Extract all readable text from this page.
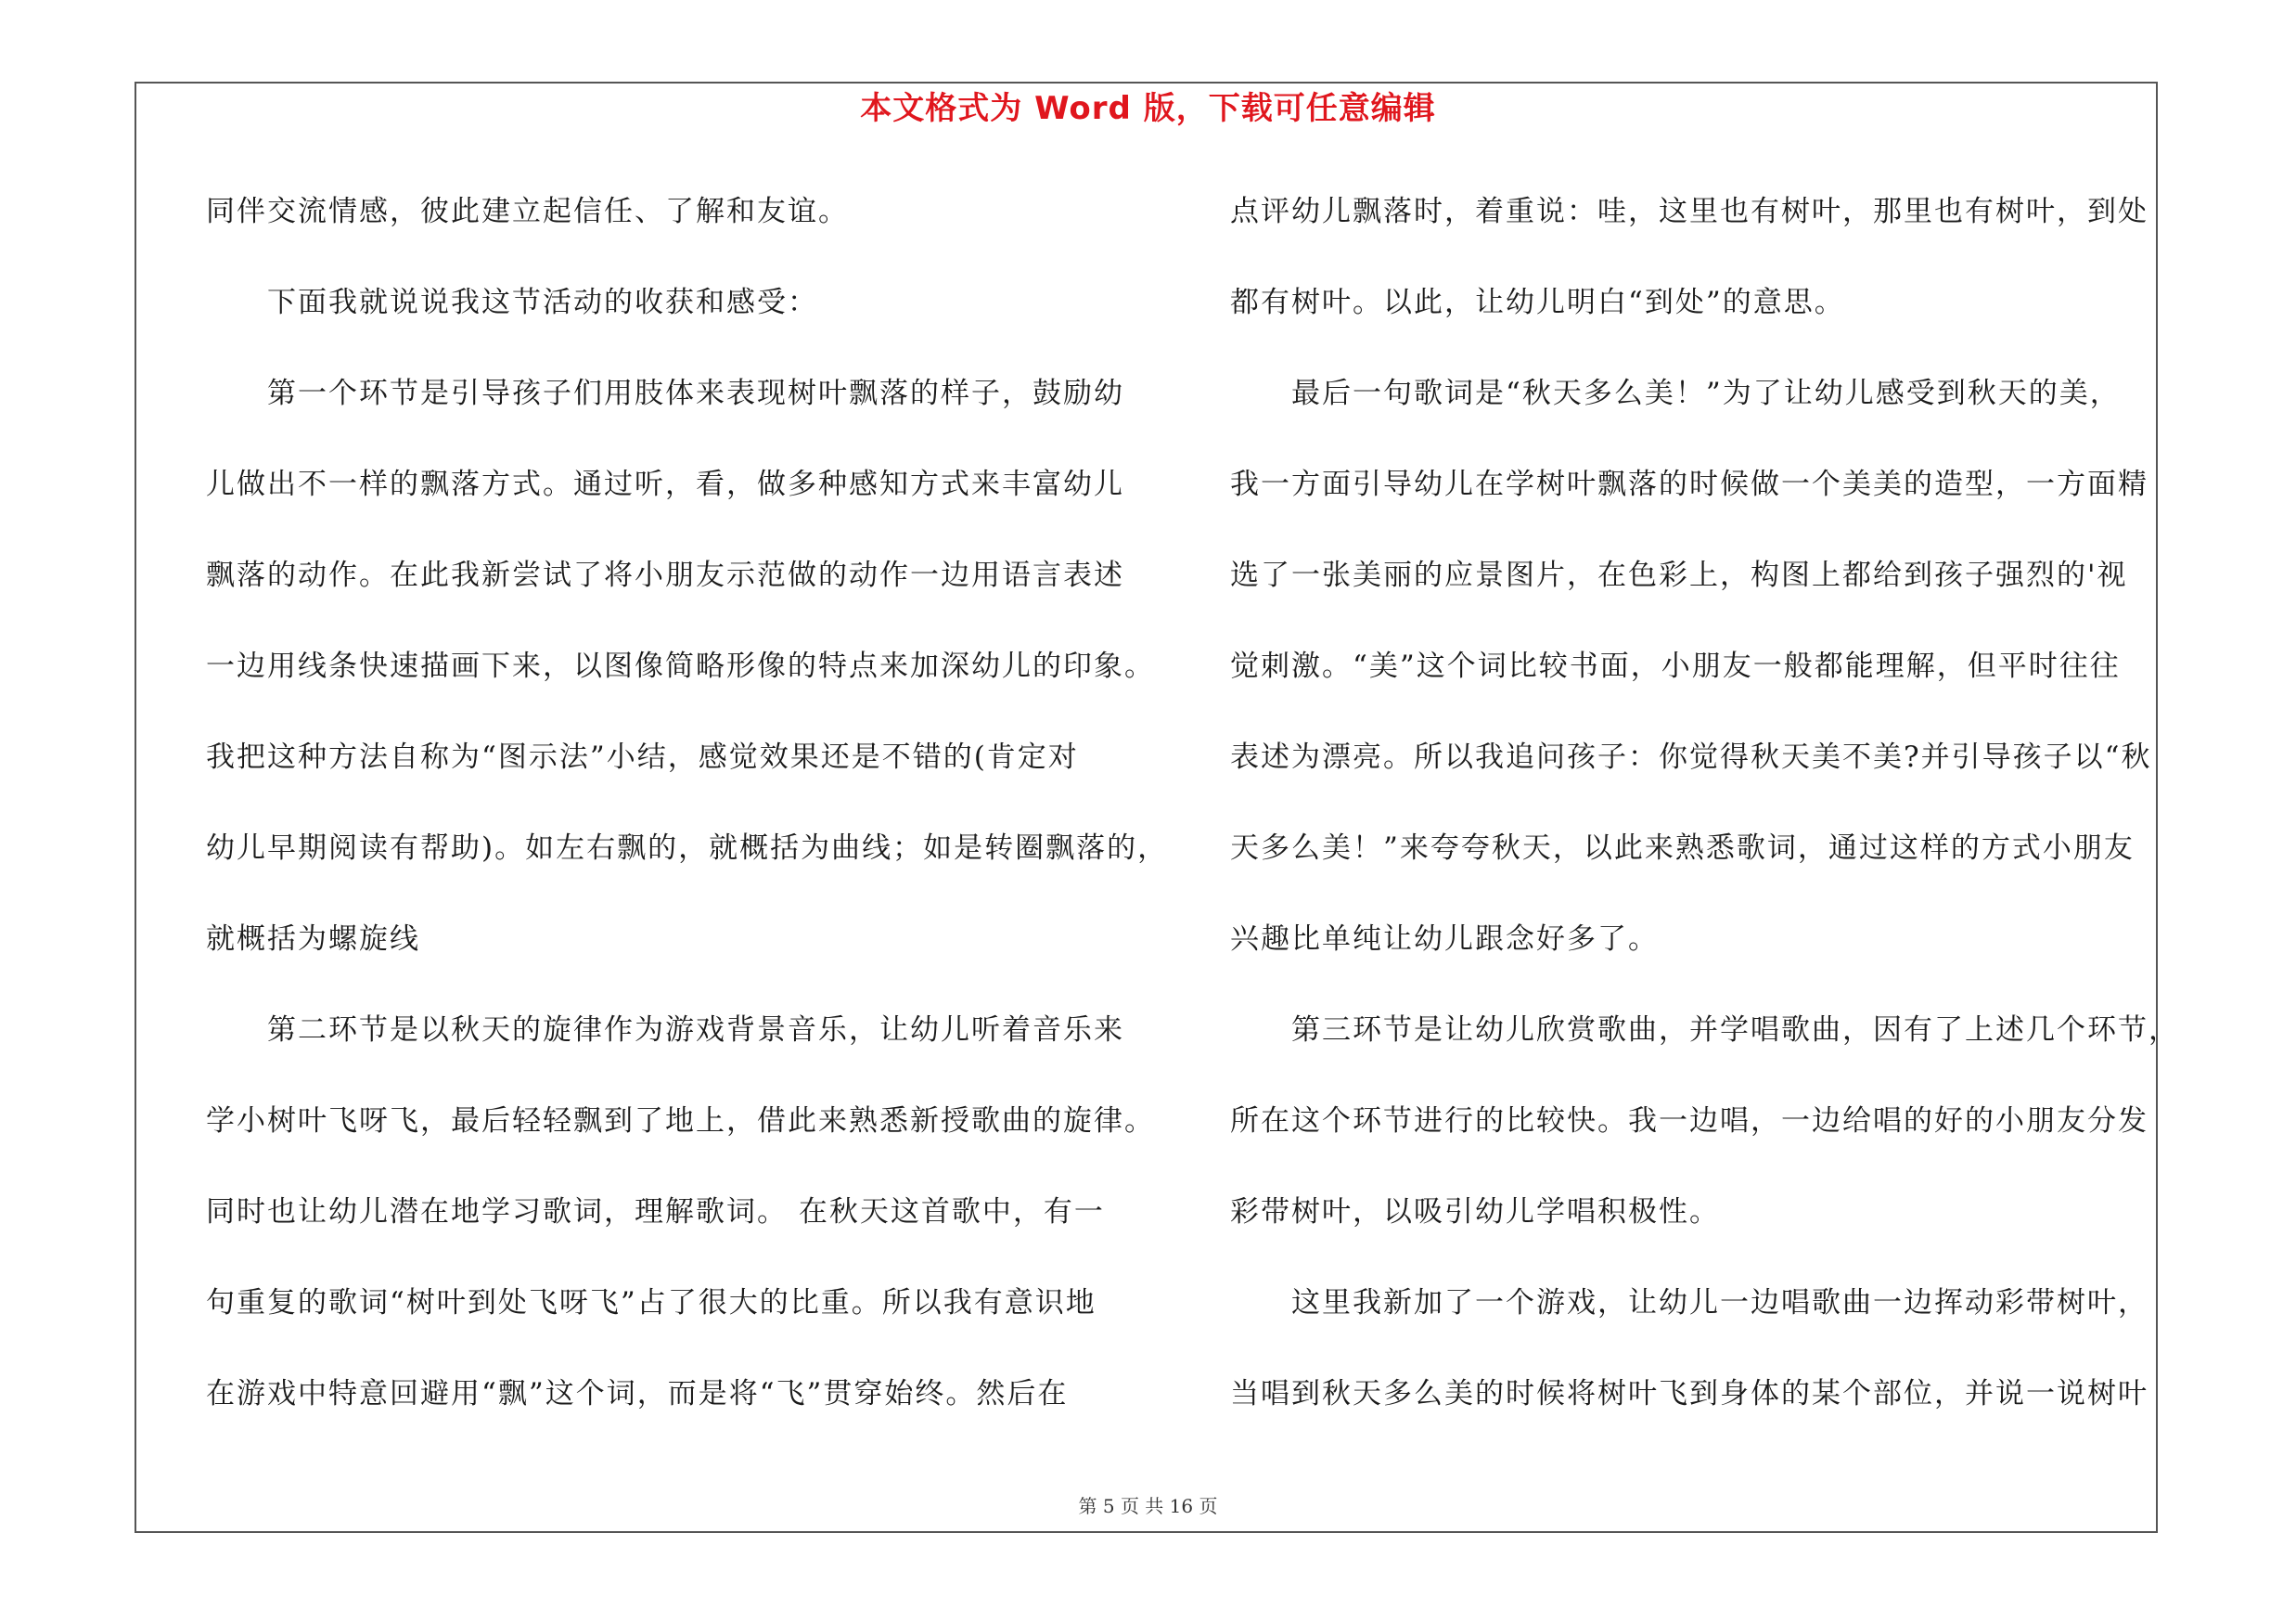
本文格式为 Word 版，下载可任意编辑
同伴交流情感，彼此建立起信任、了解和友谊。
下面我就说说我这节活动的收获和感受：
第一个环节是引导孩子们用肢体来表现树叶飘落的样子，鼓励幼
儿做出不一样的飘落方式。通过听，看，做多种感知方式来丰富幼儿
飘落的动作。在此我新尝试了将小朋友示范做的动作一边用语言表述
一边用线条快速描画下来，以图像简略形像的特点来加深幼儿的印象。
我把这种方法自称为“图示法”小结，感觉效果还是不错的(肯定对
幼儿早期阅读有帮助)。如左右飘的，就概括为曲线；如是转圈飘落的，
就概括为螺旋线
第二环节是以秋天的旋律作为游戏背景音乐，让幼儿听着音乐来
学小树叶飞呀飞，最后轻轻飘到了地上，借此来熟悉新授歌曲的旋律。
同时也让幼儿潜在地学习歌词，理解歌词。 在秋天这首歌中，有一
句重复的歌词“树叶到处飞呀飞”占了很大的比重。所以我有意识地
在游戏中特意回避用“飘”这个词，而是将“飞”贯穿始终。然后在
点评幼儿飘落时，着重说：哇，这里也有树叶，那里也有树叶，到处
都有树叶。以此，让幼儿明白“到处”的意思。
最后一句歌词是“秋天多么美！”为了让幼儿感受到秋天的美，
我一方面引导幼儿在学树叶飘落的时候做一个美美的造型，一方面精
选了一张美丽的应景图片，在色彩上，构图上都给到孩子强烈的'视
觉刺激。“美”这个词比较书面，小朋友一般都能理解，但平时往往
表述为漂亮。所以我追问孩子：你觉得秋天美不美?并引导孩子以“秋
天多么美！”来夸夸秋天，以此来熟悉歌词，通过这样的方式小朋友
兴趣比单纯让幼儿跟念好多了。
第三环节是让幼儿欣赏歌曲，并学唱歌曲，因有了上述几个环节，
所在这个环节进行的比较快。我一边唱，一边给唱的好的小朋友分发
彩带树叶，以吸引幼儿学唱积极性。
这里我新加了一个游戏，让幼儿一边唱歌曲一边挥动彩带树叶，
当唱到秋天多么美的时候将树叶飞到身体的某个部位，并说一说树叶
第 5 页 共 16 页
